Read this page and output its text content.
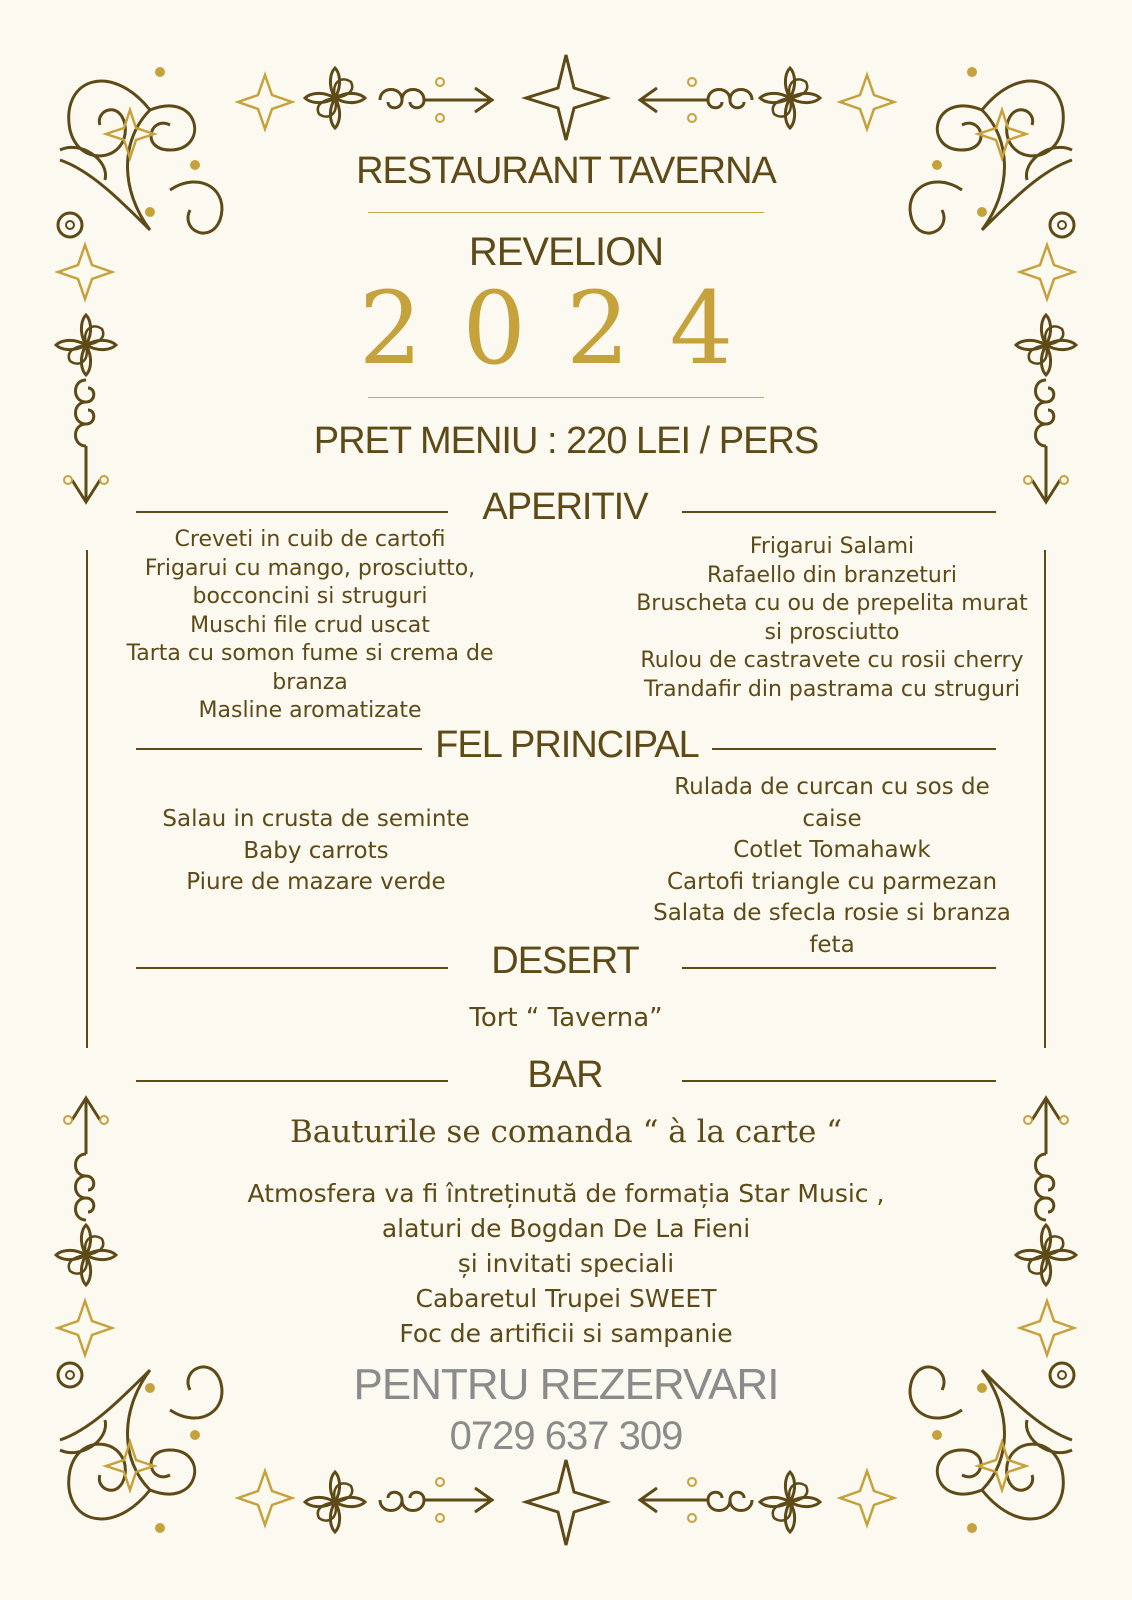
RESTAURANT TAVERNA
REVELION
2024
PRET MENIU : 220 LEI / PERS
APERITIV
Creveti in cuib de cartofi
Frigarui cu mango, prosciutto,
bocconcini si struguri
Muschi file crud uscat
Tarta cu somon fume si crema de
branza
Masline aromatizate
Frigarui Salami
Rafaello din branzeturi
Bruscheta cu ou de prepelita murat
si prosciutto
Rulou de castravete cu rosii cherry
Trandafir din pastrama cu struguri
FEL PRINCIPAL
Salau in crusta de seminte
Baby carrots
Piure de mazare verde
Rulada de curcan cu sos de
caise
Cotlet Tomahawk
Cartofi triangle cu parmezan
Salata de sfecla rosie si branza
feta
DESERT
Tort “ Taverna”
BAR
Bauturile se comanda “ à la carte “
Atmosfera va fi întreținută de formația Star Music ,
alaturi de Bogdan De La Fieni
și invitati speciali
Cabaretul Trupei SWEET
Foc de artificii si sampanie
PENTRU REZERVARI
0729 637 309
